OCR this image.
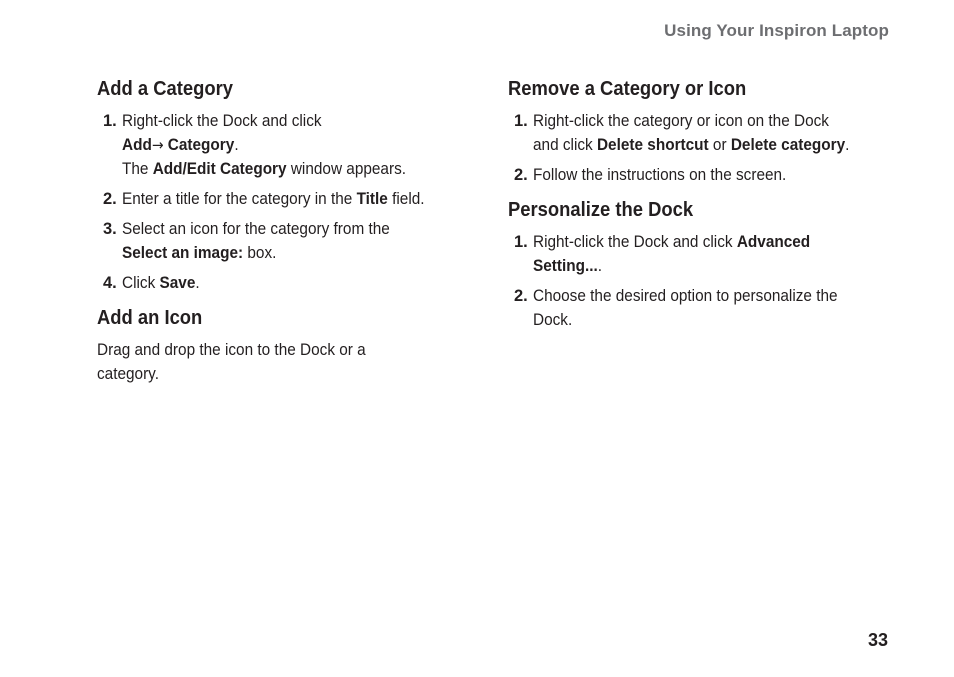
Using Your Inspiron Laptop
Add a Category
1. Right-click the Dock and click
Add→ Category.
The Add/Edit Category window appears.
2. Enter a title for the category in the Title field.
3. Select an icon for the category from the
Select an image: box.
4. Click Save.
Add an Icon

Drag and drop the icon to the Dock or a
category.

Remove a Category or Icon
1. Right-click the category or icon on the Dock
and click Delete shortcut or Delete category.
2. Follow the instructions on the screen.
Personalize the Dock
1. Right-click the Dock and click Advanced
Setting....
2. Choose the desired option to personalize the
Dock.
33
